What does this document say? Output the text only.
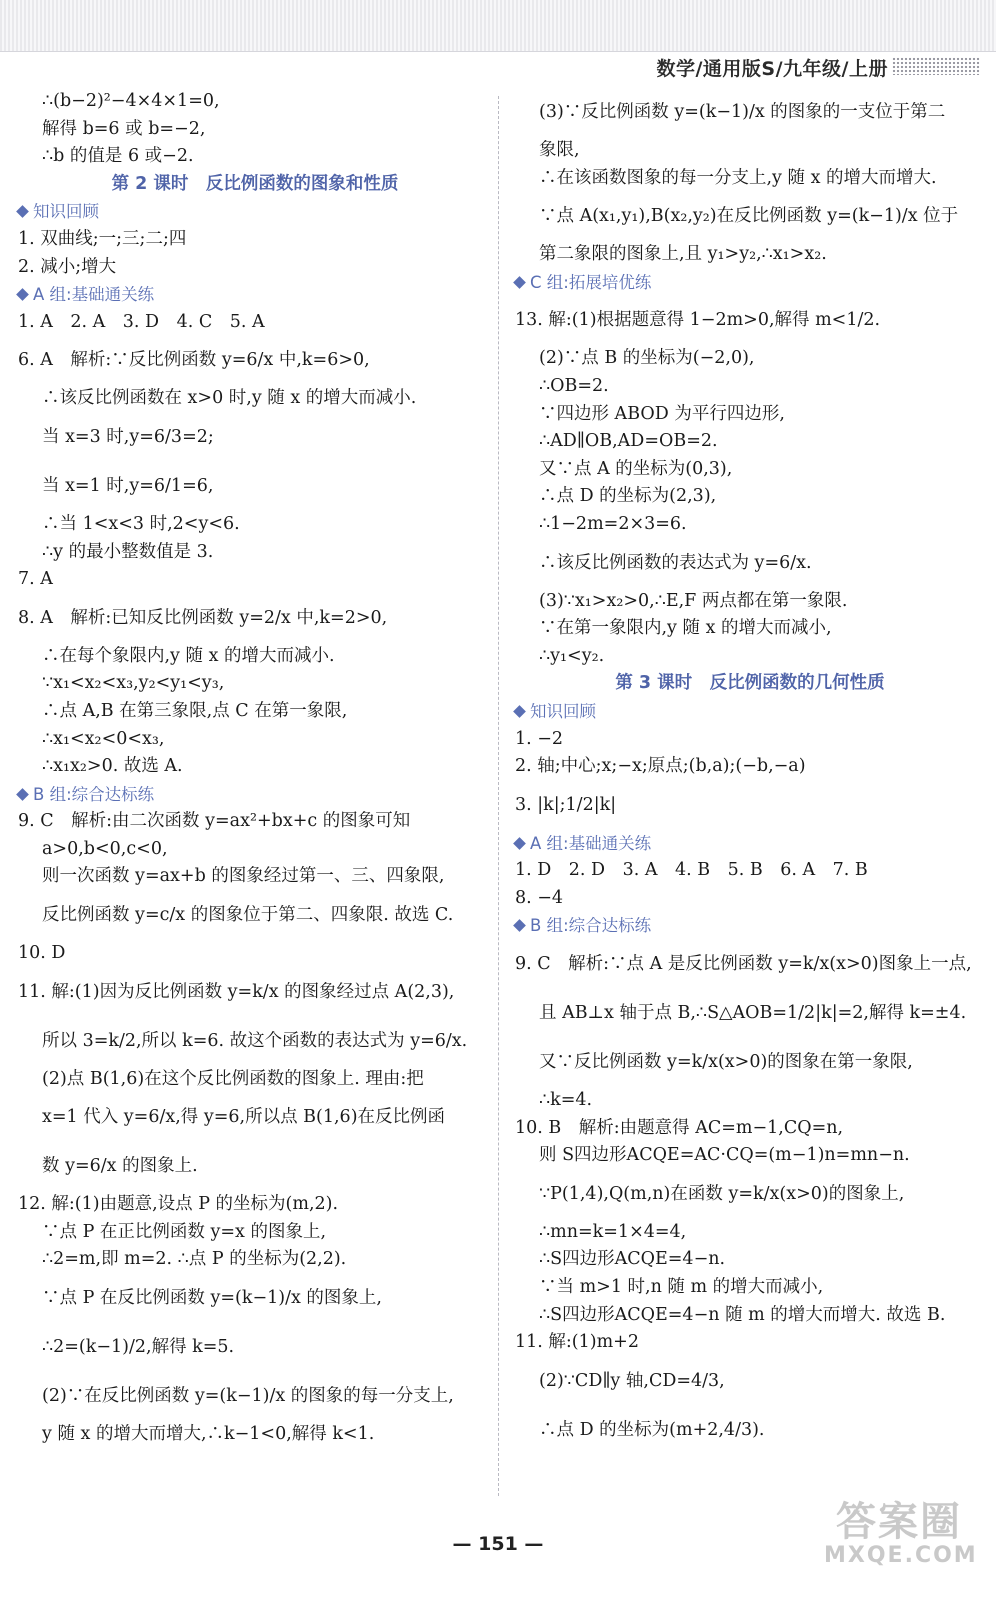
数学/通用版S/九年级/上册
∴(b−2)²−4×4×1=0,
解得 b=6 或 b=−2,
∴b 的值是 6 或−2.
第 2 课时　反比例函数的图象和性质
知识回顾
1. 双曲线;一;三;二;四
2. 减小;增大
A 组:基础通关练
1. A　2. A　3. D　4. C　5. A
6. A　解析:∵反比例函数 y=6/x 中,k=6>0,
∴该反比例函数在 x>0 时,y 随 x 的增大而减小.
当 x=3 时,y=6/3=2;
当 x=1 时,y=6/1=6,
∴当 1<x<3 时,2<y<6.
∴y 的最小整数值是 3.
7. A
8. A　解析:已知反比例函数 y=2/x 中,k=2>0,
∴在每个象限内,y 随 x 的增大而减小.
∵x₁<x₂<x₃,y₂<y₁<y₃,
∴点 A,B 在第三象限,点 C 在第一象限,
∴x₁<x₂<0<x₃,
∴x₁x₂>0. 故选 A.
B 组:综合达标练
9. C　解析:由二次函数 y=ax²+bx+c 的图象可知
a>0,b<0,c<0,
则一次函数 y=ax+b 的图象经过第一、三、四象限,
反比例函数 y=c/x 的图象位于第二、四象限. 故选 C.
10. D
11. 解:(1)因为反比例函数 y=k/x 的图象经过点 A(2,3),
所以 3=k/2,所以 k=6. 故这个函数的表达式为 y=6/x.
(2)点 B(1,6)在这个反比例函数的图象上. 理由:把
x=1 代入 y=6/x,得 y=6,所以点 B(1,6)在反比例函
数 y=6/x 的图象上.
12. 解:(1)由题意,设点 P 的坐标为(m,2).
∵点 P 在正比例函数 y=x 的图象上,
∴2=m,即 m=2. ∴点 P 的坐标为(2,2).
∵点 P 在反比例函数 y=(k−1)/x 的图象上,
∴2=(k−1)/2,解得 k=5.
(2)∵在反比例函数 y=(k−1)/x 的图象的每一分支上,
y 随 x 的增大而增大,∴k−1<0,解得 k<1.
(3)∵反比例函数 y=(k−1)/x 的图象的一支位于第二
象限,
∴在该函数图象的每一分支上,y 随 x 的增大而增大.
∵点 A(x₁,y₁),B(x₂,y₂)在反比例函数 y=(k−1)/x 位于
第二象限的图象上,且 y₁>y₂,∴x₁>x₂.
C 组:拓展培优练
13. 解:(1)根据题意得 1−2m>0,解得 m<1/2.
(2)∵点 B 的坐标为(−2,0),
∴OB=2.
∵四边形 ABOD 为平行四边形,
∴AD∥OB,AD=OB=2.
又∵点 A 的坐标为(0,3),
∴点 D 的坐标为(2,3),
∴1−2m=2×3=6.
∴该反比例函数的表达式为 y=6/x.
(3)∵x₁>x₂>0,∴E,F 两点都在第一象限.
∵在第一象限内,y 随 x 的增大而减小,
∴y₁<y₂.
第 3 课时　反比例函数的几何性质
知识回顾
1. −2
2. 轴;中心;x;−x;原点;(b,a);(−b,−a)
3. |k|;1/2|k|
A 组:基础通关练
1. D　2. D　3. A　4. B　5. B　6. A　7. B
8. −4
B 组:综合达标练
9. C　解析:∵点 A 是反比例函数 y=k/x(x>0)图象上一点,
且 AB⊥x 轴于点 B,∴S△AOB=1/2|k|=2,解得 k=±4.
又∵反比例函数 y=k/x(x>0)的图象在第一象限,
∴k=4.
10. B　解析:由题意得 AC=m−1,CQ=n,
则 S四边形ACQE=AC·CQ=(m−1)n=mn−n.
∵P(1,4),Q(m,n)在函数 y=k/x(x>0)的图象上,
∴mn=k=1×4=4,
∴S四边形ACQE=4−n.
∵当 m>1 时,n 随 m 的增大而减小,
∴S四边形ACQE=4−n 随 m 的增大而增大. 故选 B.
11. 解:(1)m+2
(2)∵CD∥y 轴,CD=4/3,
∴点 D 的坐标为(m+2,4/3).
— 151 —	答案圈
MXQE.COM
